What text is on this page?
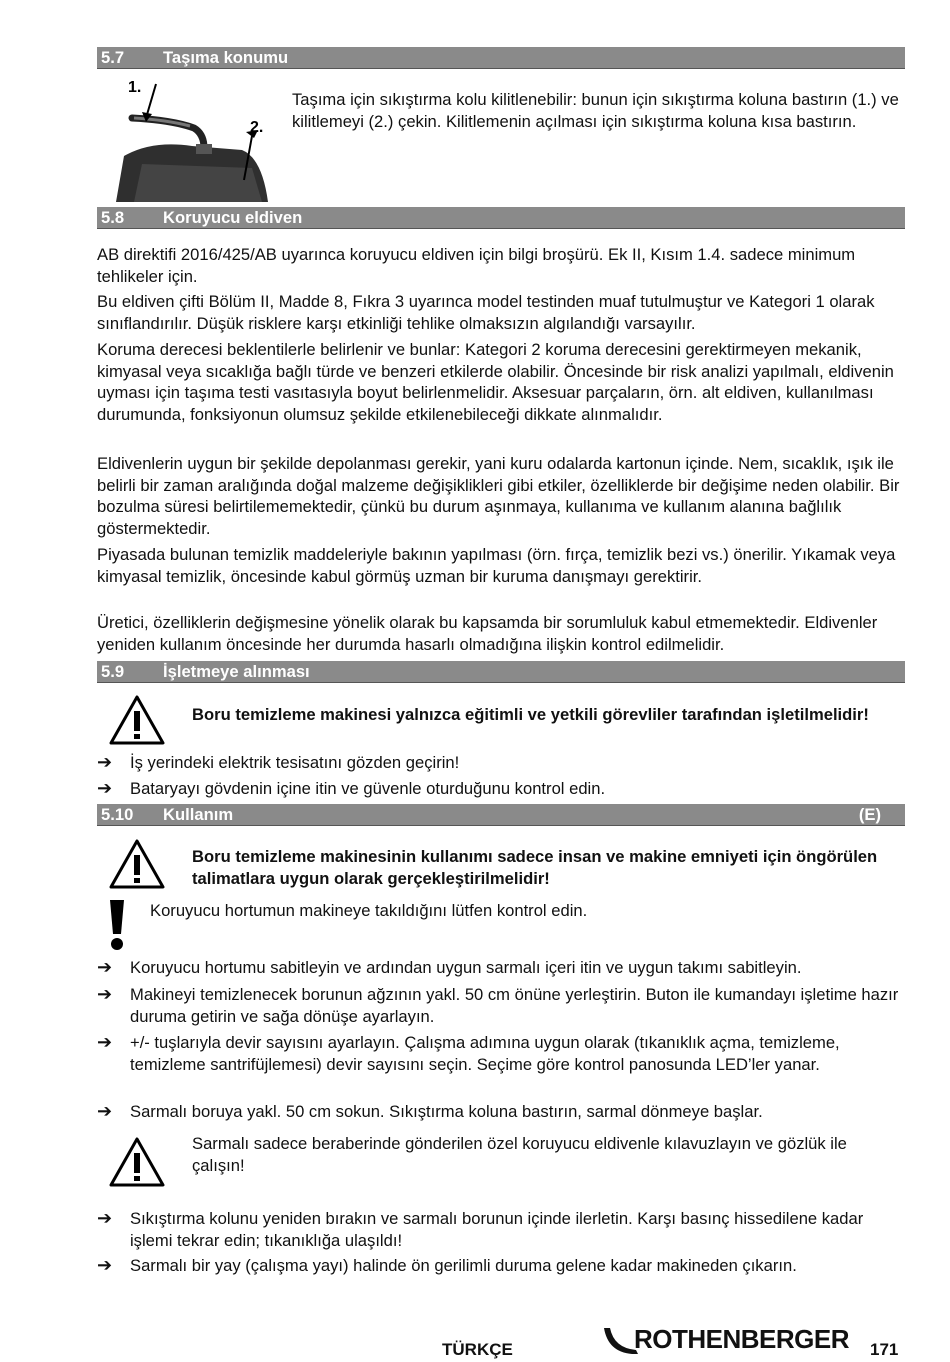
5.7 Taşıma konumu
1.
2.

Taşıma için sıkıştırma kolu kilitlenebilir: bunun için sıkıştırma koluna bastırın (1.) ve kilitlemeyi (2.) çekin. Kilitlemenin açılması için sıkıştırma koluna kısa bastırın.

5.8 Koruyucu eldiven

AB direktifi 2016/425/AB uyarınca koruyucu eldiven için bilgi broşürü. Ek II, Kısım 1.4. sadece minimum tehlikeler için.

Bu eldiven çifti Bölüm II, Madde 8, Fıkra 3 uyarınca model testinden muaf tutulmuştur ve Kategori 1 olarak sınıflandırılır. Düşük risklere karşı etkinliği tehlike olmaksızın algılandığı varsayılır.

Koruma derecesi beklentilerle belirlenir ve bunlar: Kategori 2 koruma derecesini gerektirmeyen mekanik, kimyasal veya sıcaklığa bağlı türde ve benzeri etkilerde olabilir. Öncesinde bir risk analizi yapılmalı, eldivenin uyması için taşıma testi vasıtasıyla boyut belirlenmelidir. Aksesuar parçaların, örn. alt eldiven, kullanılması durumunda, fonksiyonun olumsuz şekilde etkilenebileceği dikkate alınmalıdır.

Eldivenlerin uygun bir şekilde depolanması gerekir, yani kuru odalarda kartonun içinde. Nem, sıcaklık, ışık ile belirli bir zaman aralığında doğal malzeme değişiklikleri gibi etkiler, özelliklerde bir değişime neden olabilir. Bir bozulma süresi belirtilememektedir, çünkü bu durum aşınmaya, kullanıma ve kullanım alanına bağlılık göstermektedir.

Piyasada bulunan temizlik maddeleriyle bakının yapılması (örn. fırça, temizlik bezi vs.) önerilir. Yıkamak veya kimyasal temizlik, öncesinde kabul görmüş uzman bir kuruma danışmayı gerektirir.

Üretici, özelliklerin değişmesine yönelik olarak bu kapsamda bir sorumluluk kabul etmemektedir. Eldivenler yeniden kullanım öncesinde her durumda hasarlı olmadığına ilişkin kontrol edilmelidir.

5.9 İşletmeye alınması

Boru temizleme makinesi yalnızca eğitimli ve yetkili görevliler tarafından işletilmelidir!

➔	İş yerindeki elektrik tesisatını gözden geçirin!
➔	Bataryayı gövdenin içine itin ve güvenle oturduğunu kontrol edin.
5.10 Kullanım	(E)

Boru temizleme makinesinin kullanımı sadece insan ve makine emniyeti için öngörülen talimatlara uygun olarak gerçekleştirilmelidir!

Koruyucu hortumun makineye takıldığını lütfen kontrol edin.

➔	Koruyucu hortumu sabitleyin ve ardından uygun sarmalı içeri itin ve uygun takımı sabitleyin.
➔	Makineyi temizlenecek borunun ağzının yakl. 50 cm önüne yerleştirin. Buton ile kumandayı işletime hazır duruma getirin ve sağa dönüşe ayarlayın.
➔	+/- tuşlarıyla devir sayısını ayarlayın. Çalışma adımına uygun olarak (tıkanıklık açma, temizleme, temizleme santrifüjlemesi) devir sayısını seçin. Seçime göre kontrol panosunda LED’ler yanar.
➔	Sarmalı boruya yakl. 50 cm sokun. Sıkıştırma koluna bastırın, sarmal dönmeye başlar.

Sarmalı sadece beraberinde gönderilen özel koruyucu eldivenle kılavuzlayın ve gözlük ile çalışın!

➔	Sıkıştırma kolunu yeniden bırakın ve sarmalı borunun içinde ilerletin. Karşı basınç hissedilene kadar işlemi tekrar edin; tıkanıklığa ulaşıldı!
➔	Sarmalı bir yay (çalışma yayı) halinde ön gerilimli duruma gelene kadar makineden çıkarın.
TÜRKÇE	ROTHENBERGER 171
